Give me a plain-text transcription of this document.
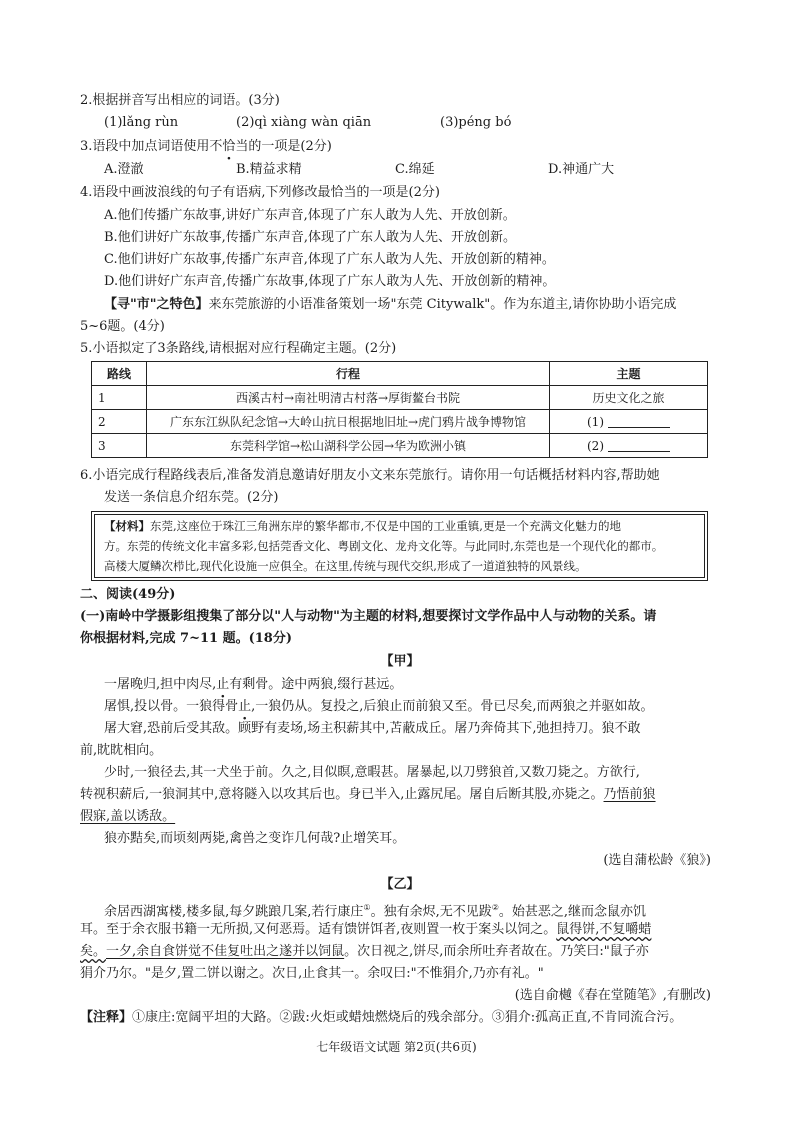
2.根据拼音写出相应的词语。(3分)
(1)lǎng rùn	(2)qì xiàng wàn qiān	(3)péng bó
3.语段中加点词语使用不恰当的一项是(2分)
A.澄澈	B.精益求精	C.绵延	D.神通广大
4.语段中画波浪线的句子有语病,下列修改最恰当的一项是(2分)
A.他们传播广东故事,讲好广东声音,体现了广东人敢为人先、开放创新。
B.他们讲好广东故事,传播广东声音,体现了广东人敢为人先、开放创新。
C.他们讲好广东故事,传播广东声音,体现了广东人敢为人先、开放创新的精神。
D.他们讲好广东声音,传播广东故事,体现了广东人敢为人先、开放创新的精神。
【寻"市"之特色】来东莞旅游的小语准备策划一场"东莞 Citywalk"。作为东道主,请你协助小语完成
5~6题。(4分)
5.小语拟定了3条路线,请根据对应行程确定主题。(2分)
路线	行程	主题
1	西溪古村→南社明清古村落→厚街鳌台书院	历史文化之旅
2	广东东江纵队纪念馆→大岭山抗日根据地旧址→虎门鸦片战争博物馆	(1)
3	东莞科学馆→松山湖科学公园→华为欧洲小镇	(2)
6.小语完成行程路线表后,准备发消息邀请好朋友小文来东莞旅行。请你用一句话概括材料内容,帮助她
发送一条信息介绍东莞。(2分)
【材料】东莞,这座位于珠江三角洲东岸的繁华都市,不仅是中国的工业重镇,更是一个充满文化魅力的地
方。东莞的传统文化丰富多彩,包括莞香文化、粤剧文化、龙舟文化等。与此同时,东莞也是一个现代化的都市。
高楼大厦鳞次栉比,现代化设施一应俱全。在这里,传统与现代交织,形成了一道道独特的风景线。
二、阅读(49分)
(一)南岭中学摄影组搜集了部分以"人与动物"为主题的材料,想要探讨文学作品中人与动物的关系。请
你根据材料,完成 7~11 题。(18分)
【甲】
一屠晚归,担中肉尽,止有剩骨。途中两狼,缀行甚远。
屠惧,投以骨。一狼得骨止,一狼仍从。复投之,后狼止而前狼又至。骨已尽矣,而两狼之并驱如故。
屠大窘,恐前后受其敌。顾野有麦场,场主积薪其中,苫蔽成丘。屠乃奔倚其下,弛担持刀。狼不敢
前,眈眈相向。
少时,一狼径去,其一犬坐于前。久之,目似瞑,意暇甚。屠暴起,以刀劈狼首,又数刀毙之。方欲行,
转视积薪后,一狼洞其中,意将隧入以攻其后也。身已半入,止露尻尾。屠自后断其股,亦毙之。乃悟前狼
假寐,盖以诱敌。
狼亦黠矣,而顷刻两毙,禽兽之变诈几何哉?止增笑耳。
(选自蒲松龄《狼》)
【乙】
余居西湖寓楼,楼多鼠,每夕跳踉几案,若行康庄①。独有余烬,无不见跋②。始甚恶之,继而念鼠亦饥
耳。至于余衣服书籍一无所损,又何恶焉。适有馈饼饵者,夜则置一枚于案头以饲之。鼠得饼,不复嚼蜡
矣。一夕,余自食饼觉不佳复吐出之遂并以饲鼠。次日视之,饼尽,而余所吐弃者故在。乃笑曰:"鼠子亦
狷介乃尔。"是夕,置二饼以谢之。次日,止食其一。余叹曰:"不惟狷介,乃亦有礼。"
(选自俞樾《春在堂随笔》,有删改)
【注释】①康庄:宽阔平坦的大路。②跋:火炬或蜡烛燃烧后的残余部分。③狷介:孤高正直,不肯同流合污。
七年级语文试题 第2页(共6页)
